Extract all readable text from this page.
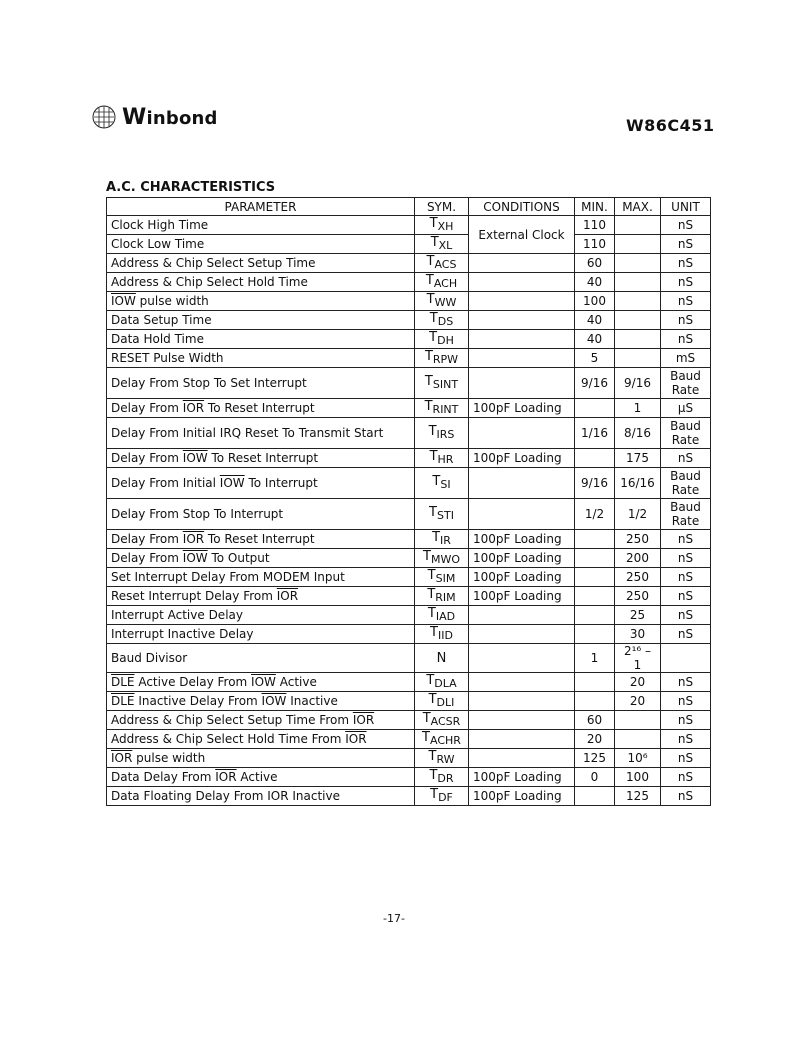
Winbond	W86C451
A.C. CHARACTERISTICS
PARAMETER	SYM.	CONDITIONS	MIN.	MAX.	UNIT
Clock High Time	TXH	External Clock	110		nS
Clock Low Time	TXL		110		nS
Address & Chip Select Setup Time	TACS		60		nS
Address & Chip Select Hold Time	TACH		40		nS
$\overline{IOW}$ pulse width	TWW		100		nS
Data Setup Time	TDS		40		nS
Data Hold Time	TDH		40		nS
RESET Pulse Width	TRPW		5		mS
Delay From Stop To Set Interrupt	TSINT		9/16	9/16	Baud
Rate

Delay From $\overline{IOR}$ To Reset Interrupt	TRINT	100pF Loading		1	µS
Delay From Initial IRQ Reset To Transmit Start	TIRS		1/16	8/16	Baud
Rate

Delay From $\overline{IOW}$ To Reset Interrupt	THR	100pF Loading		175	nS
Delay From Initial $\overline{IOW}$ To Interrupt	TSI		9/16	16/16	Baud
Rate

Delay From Stop To Interrupt	TSTI		1/2	1/2	Baud
Rate

Delay From $\overline{IOR}$ To Reset Interrupt	TIR	100pF Loading		250	nS
Delay From $\overline{IOW}$ To Output	TMWO	100pF Loading		200	nS
Set Interrupt Delay From MODEM Input	TSIM	100pF Loading		250	nS
Reset Interrupt Delay From $\overline{IOR}$	TRIM	100pF Loading		250	nS
Interrupt Active Delay	TIAD			25	nS
Interrupt Inactive Delay	TIID			30	nS
Baud Divisor	N		1	2¹⁶ – 1	
$\overline{DLE}$ Active Delay From $\overline{IOW}$ Active	TDLA			20	nS
$\overline{DLE}$ Inactive Delay From $\overline{IOW}$ Inactive	TDLI			20	nS
Address & Chip Select Setup Time From $\overline{IOR}$	TACSR		60		nS
Address & Chip Select Hold Time From $\overline{IOR}$	TACHR		20		nS
$\overline{IOR}$ pulse width	TRW		125	10⁶	nS
Data Delay From $\overline{IOR}$ Active	TDR	100pF Loading	0	100	nS
Data Floating Delay From IOR Inactive	TDF	100pF Loading		125	nS
-17-
